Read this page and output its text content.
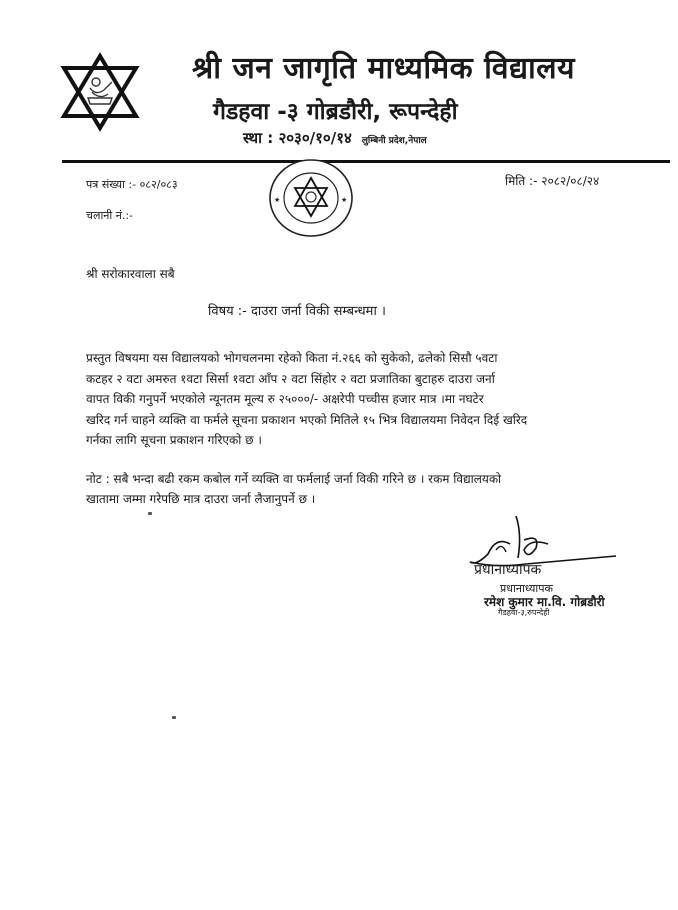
श्री जन जागृति माध्यमिक विद्यालय
गैडहवा -३ गोब्रडौरी, रूपन्देही
स्था : २०३०/१०/१४ लुम्बिनी प्रदेश,नेपाल
★	★
पत्र संख्या :- ०८२/०८३
चलानी नं.:-
मिति :- २०८२/०८/२४
श्री सरोकारवाला सबै
विषय :- दाउरा जर्ना विकी सम्बन्धमा ।
प्रस्तुत विषयमा यस विद्यालयको भोगचलनमा रहेको किता नं.२६६ को सुकेको, ढलेको सिसौ ५वटा
कटहर २ वटा अमरुत १वटा सिर्सा १वटा आँप २ वटा सिंहोर २ वटा प्रजातिका बुटाहरु दाउरा जर्ना
वापत विकी गनुपर्ने भएकोले न्यूनतम मूल्य रु २५०००/- अक्षरेपी पच्चीस हजार मात्र ।मा नघटेर
खरिद गर्न चाहने व्यक्ति वा फर्मले सूचना प्रकाशन भएको मितिले १५ भित्र विद्यालयमा निवेदन दिई खरिद
गर्नका लागि सूचना प्रकाशन गरिएको छ ।
नोट : सबै भन्दा बढी रकम कबोल गर्ने व्यक्ति वा फर्मलाई जर्ना विकी गरिने छ । रकम विद्यालयको
खातामा जम्मा गरेपछि मात्र दाउरा जर्ना लैजानुपर्ने छ ।
प्रधानाध्यापक
प्रधानाध्यापक
रमेश कुमार मा.वि. गोब्रडौरी
गैडहवा-३,रुपन्देही
